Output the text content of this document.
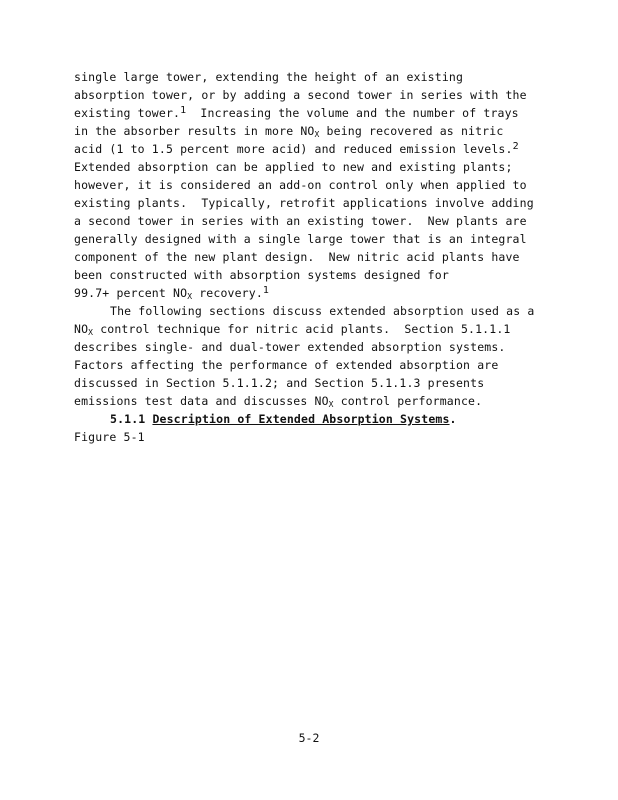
single large tower, extending the height of an existing
absorption tower, or by adding a second tower in series with the
existing tower.$^1$  Increasing the volume and the number of trays
in the absorber results in more $NO_X$ being recovered as nitric
acid (1 to 1.5 percent more acid) and reduced emission levels.$^2$
Extended absorption can be applied to new and existing plants;
however, it is considered an add-on control only when applied to
existing plants.  Typically, retrofit applications involve adding
a second tower in series with an existing tower.  New plants are
generally designed with a single large tower that is an integral
component of the new plant design.  New nitric acid plants have
been constructed with absorption systems designed for
99.7+ percent $NO_X$ recovery.$^1$
The following sections discuss extended absorption used as a
$NO_X$ control technique for nitric acid plants.  Section 5.1.1.1
describes single- and dual-tower extended absorption systems.
Factors affecting the performance of extended absorption are
discussed in Section 5.1.1.2; and Section 5.1.1.3 presents
emissions test data and discusses $NO_X$ control performance.
5.1.1 Description of Extended Absorption Systems.
Figure 5-1
5-2
